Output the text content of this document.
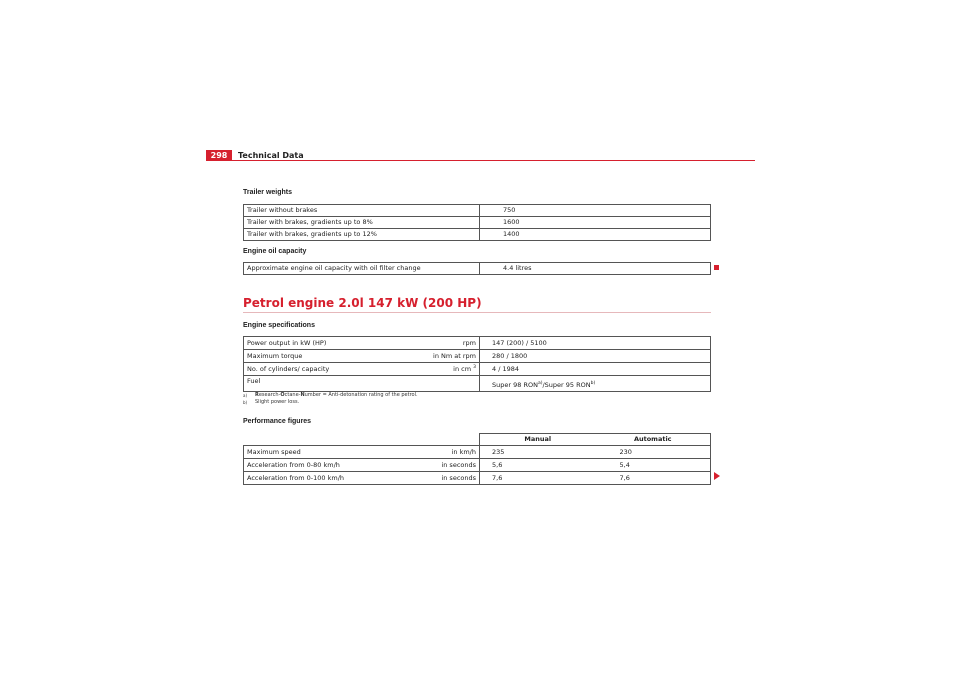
298	Technical Data
Trailer weights
Trailer without brakes	750
Trailer with brakes, gradients up to 8%	1600
Trailer with brakes, gradients up to 12%	1400
Engine oil capacity
Approximate engine oil capacity with oil filter change	4.4 litres
Petrol engine 2.0l 147 kW (200 HP)
Engine specifications
Power output in kW (HP) rpm	147 (200) / 5100

Maximum torque in Nm at rpm	280 / 1800

No. of cylinders/ capacity in cm $^3$	4 / 1984
Fuel	Super 98 RON$^{a)}$/Super 95 RON$^{b)}$
a)	Research-Octane-Number = Anti-detonation rating of the petrol.
b)	Slight power loss.
Performance figures
	Manual	Automatic

Maximum speed in km/h	235	230

Acceleration from 0-80 km/h in seconds	5,6	5,4

Acceleration from 0-100 km/h in seconds	7,6	7,6
